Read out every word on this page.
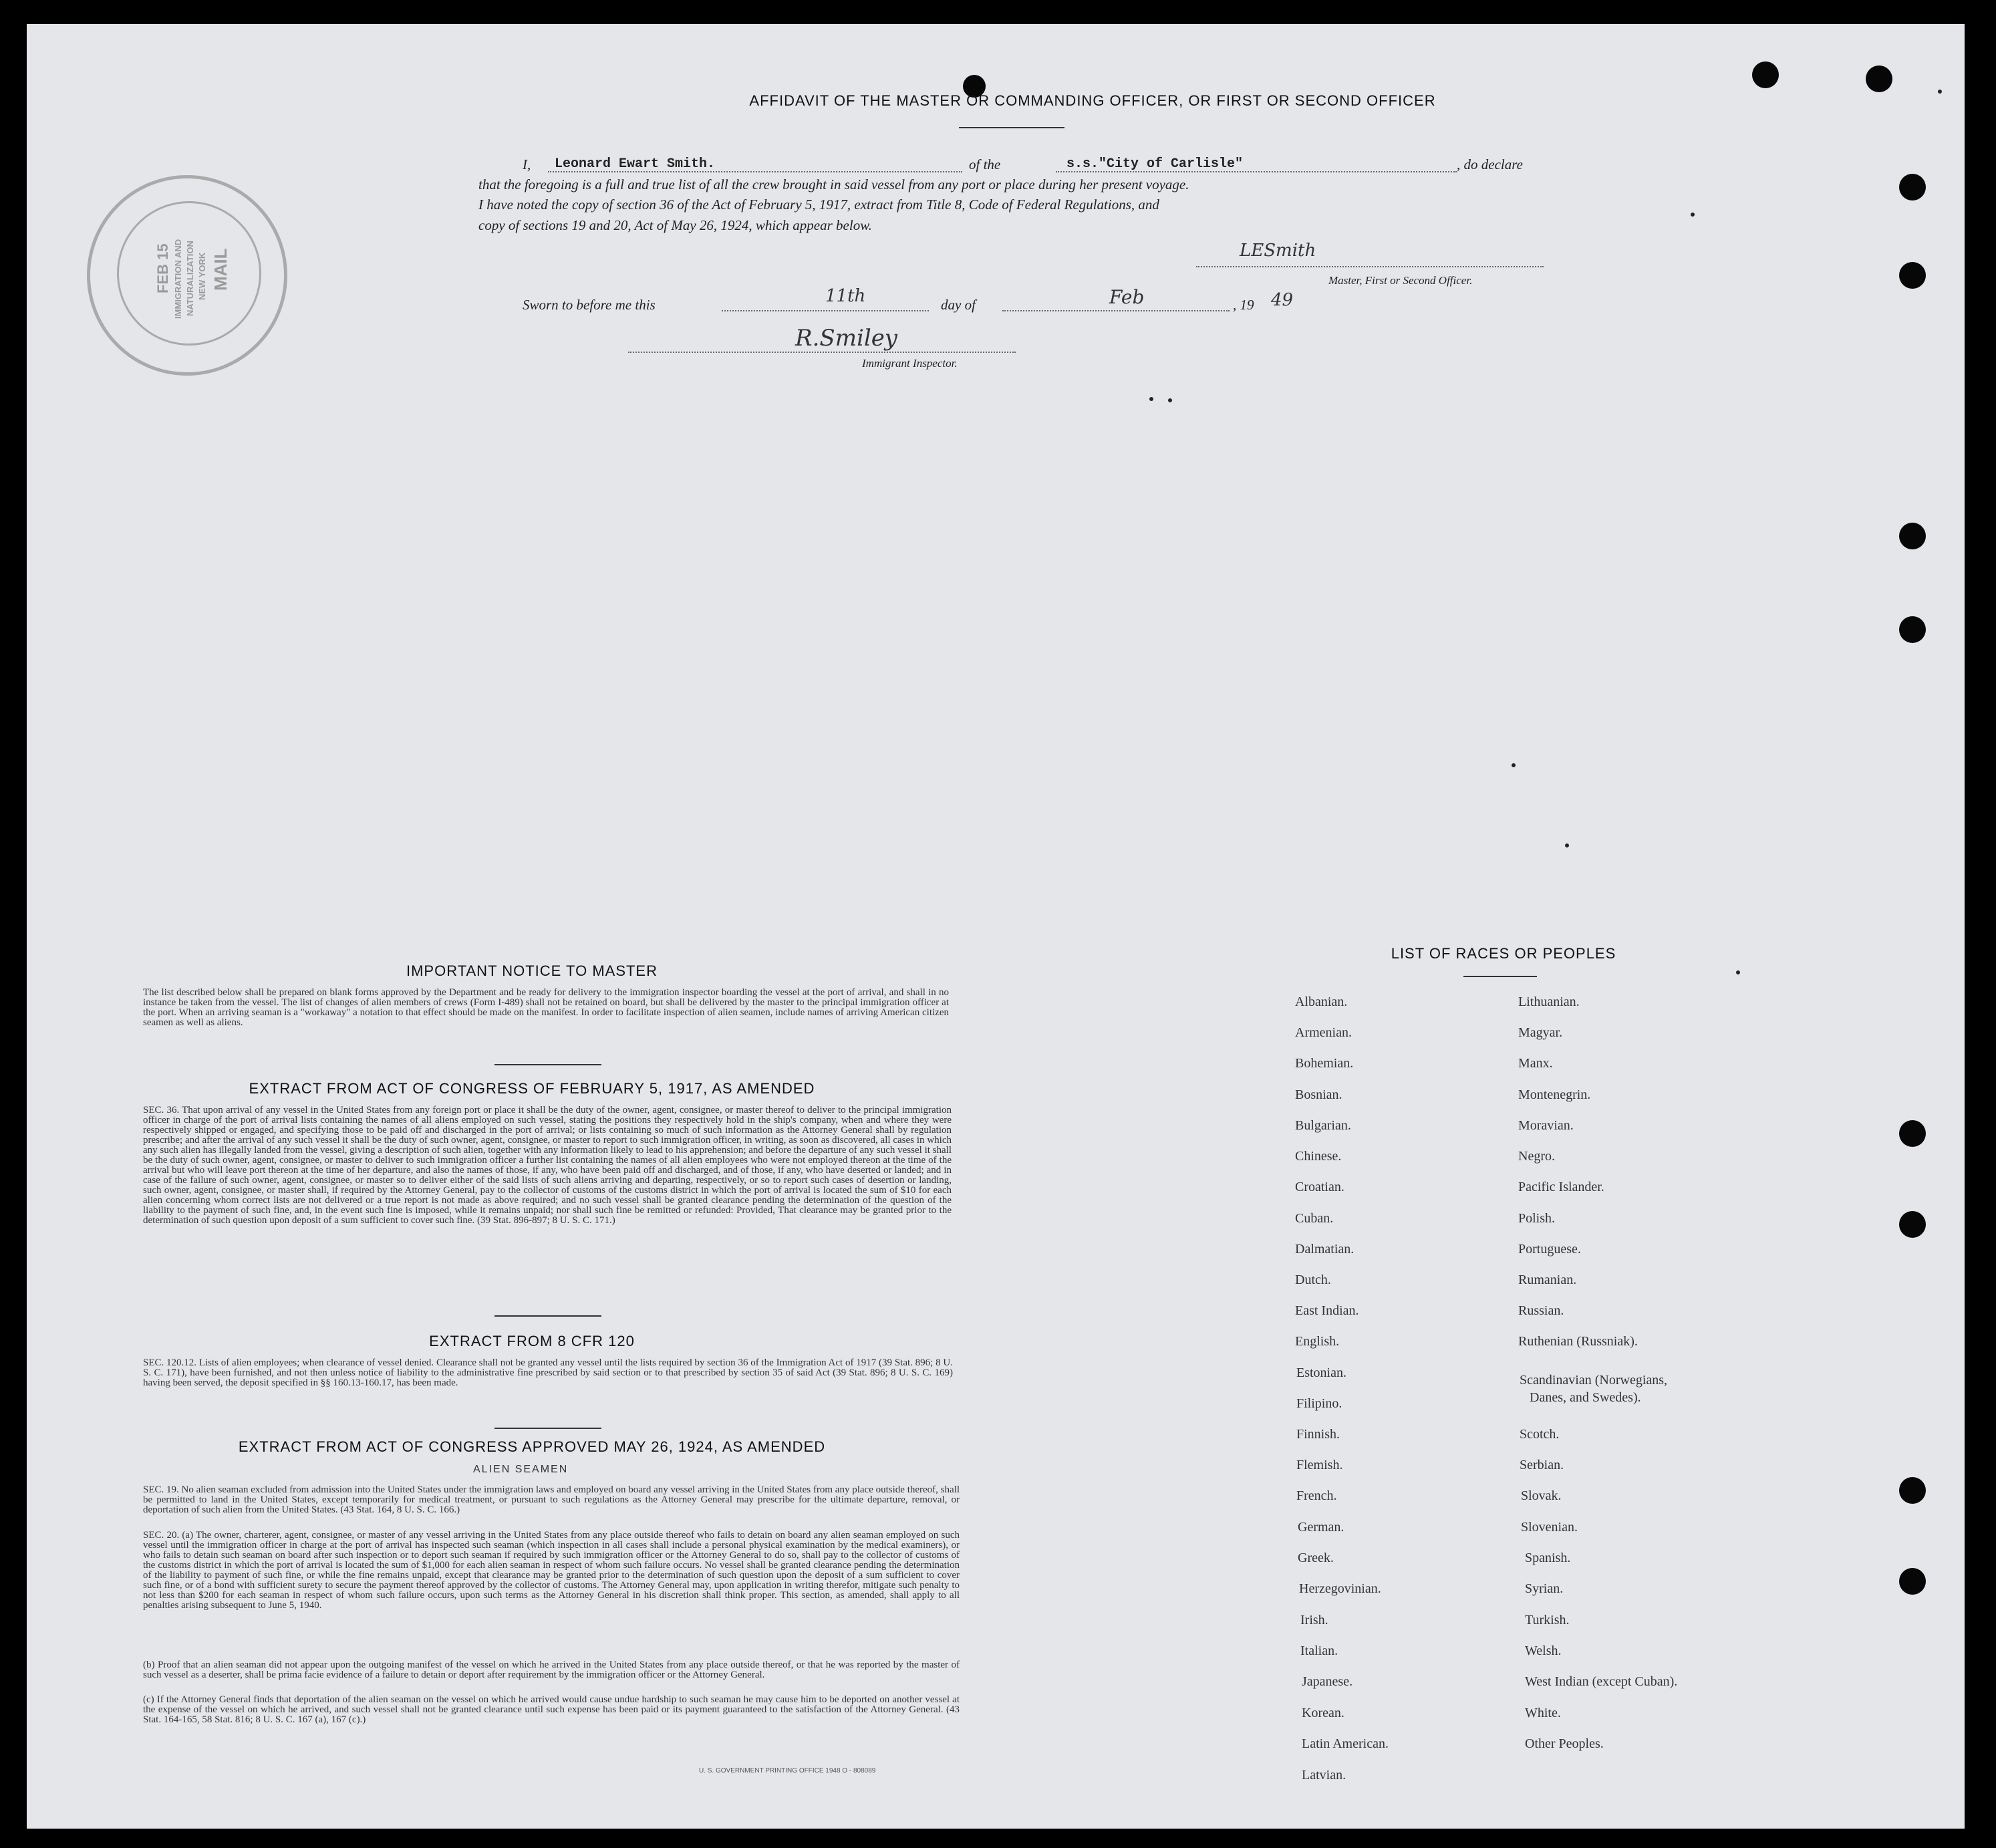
FEB 15 IMMIGRATION AND NATURALIZATION NEW YORK MAIL
AFFIDAVIT OF THE MASTER OR COMMANDING OFFICER, OR FIRST OR SECOND OFFICER
I, Leonard Ewart Smith.	of the	s.s."City of Carlisle"	, do declare
that the foregoing is a full and true list of all the crew brought in said vessel from any port or place during her present voyage.
I have noted the copy of section 36 of the Act of February 5, 1917, extract from Title 8, Code of Federal Regulations, and
copy of sections 19 and 20, Act of May 26, 1924, which appear below.
LESmith
Master, First or Second Officer.
Sworn to before me this	11th	day of	Feb	, 19 49
R.Smiley
Immigrant Inspector.
IMPORTANT NOTICE TO MASTER
The list described below shall be prepared on blank forms approved by the Department and be ready for delivery to the immigration inspector boarding the vessel at the port of arrival, and shall in no instance be taken from the vessel. The list of changes of alien members of crews (Form I-489) shall not be retained on board, but shall be delivered by the master to the principal immigration officer at the port. When an arriving seaman is a "workaway" a notation to that effect should be made on the manifest. In order to facilitate inspection of alien seamen, include names of arriving American citizen seamen as well as aliens.
EXTRACT FROM ACT OF CONGRESS OF FEBRUARY 5, 1917, AS AMENDED
SEC. 36. That upon arrival of any vessel in the United States from any foreign port or place it shall be the duty of the owner, agent, consignee, or master thereof to deliver to the principal immigration officer in charge of the port of arrival lists containing the names of all aliens employed on such vessel, stating the positions they respectively hold in the ship's company, when and where they were respectively shipped or engaged, and specifying those to be paid off and discharged in the port of arrival; or lists containing so much of such information as the Attorney General shall by regulation prescribe; and after the arrival of any such vessel it shall be the duty of such owner, agent, consignee, or master to report to such immigration officer, in writing, as soon as discovered, all cases in which any such alien has illegally landed from the vessel, giving a description of such alien, together with any information likely to lead to his apprehension; and before the departure of any such vessel it shall be the duty of such owner, agent, consignee, or master to deliver to such immigration officer a further list containing the names of all alien employees who were not employed thereon at the time of the arrival but who will leave port thereon at the time of her departure, and also the names of those, if any, who have been paid off and discharged, and of those, if any, who have deserted or landed; and in case of the failure of such owner, agent, consignee, or master so to deliver either of the said lists of such aliens arriving and departing, respectively, or so to report such cases of desertion or landing, such owner, agent, consignee, or master shall, if required by the Attorney General, pay to the collector of customs of the customs district in which the port of arrival is located the sum of $10 for each alien concerning whom correct lists are not delivered or a true report is not made as above required; and no such vessel shall be granted clearance pending the determination of the question of the liability to the payment of such fine, and, in the event such fine is imposed, while it remains unpaid; nor shall such fine be remitted or refunded: Provided, That clearance may be granted prior to the determination of such question upon deposit of a sum sufficient to cover such fine. (39 Stat. 896-897; 8 U. S. C. 171.)
EXTRACT FROM 8 CFR 120
SEC. 120.12. Lists of alien employees; when clearance of vessel denied. Clearance shall not be granted any vessel until the lists required by section 36 of the Immigration Act of 1917 (39 Stat. 896; 8 U. S. C. 171), have been furnished, and not then unless notice of liability to the administrative fine prescribed by said section or to that prescribed by section 35 of said Act (39 Stat. 896; 8 U. S. C. 169) having been served, the deposit specified in §§ 160.13-160.17, has been made.
EXTRACT FROM ACT OF CONGRESS APPROVED MAY 26, 1924, AS AMENDED
ALIEN SEAMEN
SEC. 19. No alien seaman excluded from admission into the United States under the immigration laws and employed on board any vessel arriving in the United States from any place outside thereof, shall be permitted to land in the United States, except temporarily for medical treatment, or pursuant to such regulations as the Attorney General may prescribe for the ultimate departure, removal, or deportation of such alien from the United States. (43 Stat. 164, 8 U. S. C. 166.)
SEC. 20. (a) The owner, charterer, agent, consignee, or master of any vessel arriving in the United States from any place outside thereof who fails to detain on board any alien seaman employed on such vessel until the immigration officer in charge at the port of arrival has inspected such seaman (which inspection in all cases shall include a personal physical examination by the medical examiners), or who fails to detain such seaman on board after such inspection or to deport such seaman if required by such immigration officer or the Attorney General to do so, shall pay to the collector of customs of the customs district in which the port of arrival is located the sum of $1,000 for each alien seaman in respect of whom such failure occurs. No vessel shall be granted clearance pending the determination of the liability to payment of such fine, or while the fine remains unpaid, except that clearance may be granted prior to the determination of such question upon the deposit of a sum sufficient to cover such fine, or of a bond with sufficient surety to secure the payment thereof approved by the collector of customs. The Attorney General may, upon application in writing therefor, mitigate such penalty to not less than $200 for each seaman in respect of whom such failure occurs, upon such terms as the Attorney General in his discretion shall think proper. This section, as amended, shall apply to all penalties arising subsequent to June 5, 1940.
(b) Proof that an alien seaman did not appear upon the outgoing manifest of the vessel on which he arrived in the United States from any place outside thereof, or that he was reported by the master of such vessel as a deserter, shall be prima facie evidence of a failure to detain or deport after requirement by the immigration officer or the Attorney General.
(c) If the Attorney General finds that deportation of the alien seaman on the vessel on which he arrived would cause undue hardship to such seaman he may cause him to be deported on another vessel at the expense of the vessel on which he arrived, and such vessel shall not be granted clearance until such expense has been paid or its payment guaranteed to the satisfaction of the Attorney General. (43 Stat. 164-165, 58 Stat. 816; 8 U. S. C. 167 (a), 167 (c).)
U. S. GOVERNMENT PRINTING OFFICE 1948 O - 808089
LIST OF RACES OR PEOPLES
Albanian.
Armenian.
Bohemian.
Bosnian.
Bulgarian.
Chinese.
Croatian.
Cuban.
Dalmatian.
Dutch.
East Indian.
English.
Estonian.
Filipino.
Finnish.
Flemish.
French.
German.
Greek.
Herzegovinian.
Irish.
Italian.
Japanese.
Korean.
Latin American.
Latvian.
Lithuanian.
Magyar.
Manx.
Montenegrin.
Moravian.
Negro.
Pacific Islander.
Polish.
Portuguese.
Rumanian.
Russian.
Ruthenian (Russniak).
Scandinavian (Norwegians,
Danes, and Swedes).
Scotch.
Serbian.
Slovak.
Slovenian.
Spanish.
Syrian.
Turkish.
Welsh.
West Indian (except Cuban).
White.
Other Peoples.
